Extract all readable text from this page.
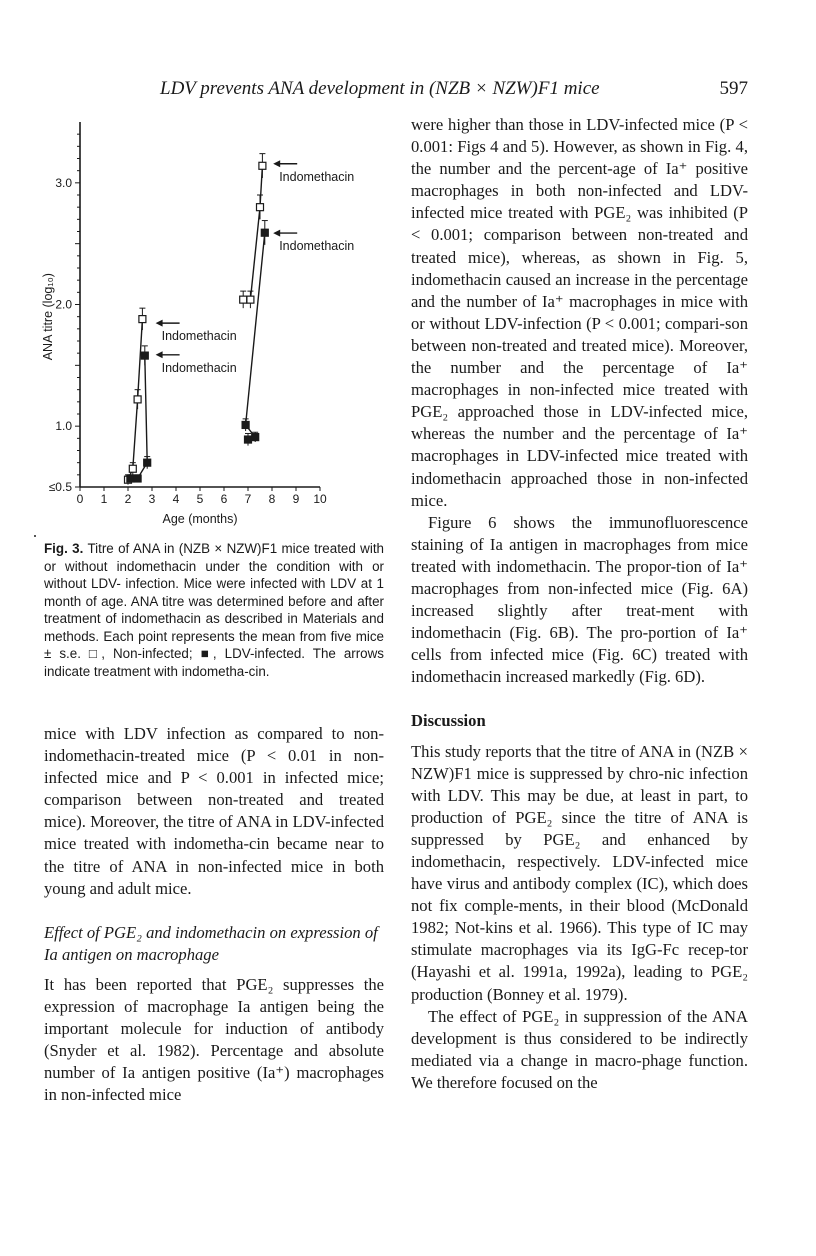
LDV prevents ANA development in (NZB × NZW)F1 mice	597
≤0.5
1.0
2.0
3.0
0 1 2 3 4 5 6 7 8 9 10
Age (months)
ANA titre (log₁₀)
Indomethacin
Indomethacin
Indomethacin
Indomethacin
Fig. 3. Titre of ANA in (NZB × NZW)F1 mice treated with or without indomethacin under the condition with or without LDV- infection. Mice were infected with LDV at 1 month of age. ANA titre was determined before and after treatment of indomethacin as described in Materials and methods. Each point represents the mean from five mice ± s.e. □, Non-infected; ■, LDV-infected. The arrows indicate treatment with indometha-cin.

mice with LDV infection as compared to non-indomethacin-treated mice (P < 0.01 in non-infected mice and P < 0.001 in infected mice; comparison between non-treated and treated mice). Moreover, the titre of ANA in LDV-infected mice treated with indometha-cin became near to the titre of ANA in non-infected mice in both young and adult mice.

Effect of PGE₂ and indomethacin on expression of Ia antigen on macrophage

It has been reported that PGE₂ suppresses the expression of macrophage Ia antigen being the important molecule for induction of antibody (Snyder et al. 1982). Percentage and absolute number of Ia antigen positive (Ia⁺) macrophages in non-infected mice

were higher than those in LDV-infected mice (P < 0.001: Figs 4 and 5). However, as shown in Fig. 4, the number and the percent-age of Ia⁺ positive macrophages in both non-infected and LDV-infected mice treated with PGE₂ was inhibited (P < 0.001; comparison between non-treated and treated mice), whereas, as shown in Fig. 5, indomethacin caused an increase in the percentage and the number of Ia⁺ macrophages in mice with or without LDV-infection (P < 0.001; compari-son between non-treated and treated mice). Moreover, the number and the percentage of Ia⁺ macrophages in non-infected mice treated with PGE₂ approached those in LDV-infected mice, whereas the number and the percentage of Ia⁺ macrophages in LDV-infected mice treated with indomethacin approached those in non-infected mice.

Figure 6 shows the immunofluorescence staining of Ia antigen in macrophages from mice treated with indomethacin. The propor-tion of Ia⁺ macrophages from non-infected mice (Fig. 6A) increased slightly after treat-ment with indomethacin (Fig. 6B). The pro-portion of Ia⁺ cells from infected mice (Fig. 6C) treated with indomethacin increased markedly (Fig. 6D).

Discussion

This study reports that the titre of ANA in (NZB × NZW)F1 mice is suppressed by chro-nic infection with LDV. This may be due, at least in part, to production of PGE₂ since the titre of ANA is suppressed by PGE₂ and enhanced by indomethacin, respectively. LDV-infected mice have virus and antibody complex (IC), which does not fix comple-ments, in their blood (McDonald 1982; Not-kins et al. 1966). This type of IC may stimulate macrophages via its IgG-Fc recep-tor (Hayashi et al. 1991a, 1992a), leading to PGE₂ production (Bonney et al. 1979).

The effect of PGE₂ in suppression of the ANA development is thus considered to be indirectly mediated via a change in macro-phage function. We therefore focused on the
